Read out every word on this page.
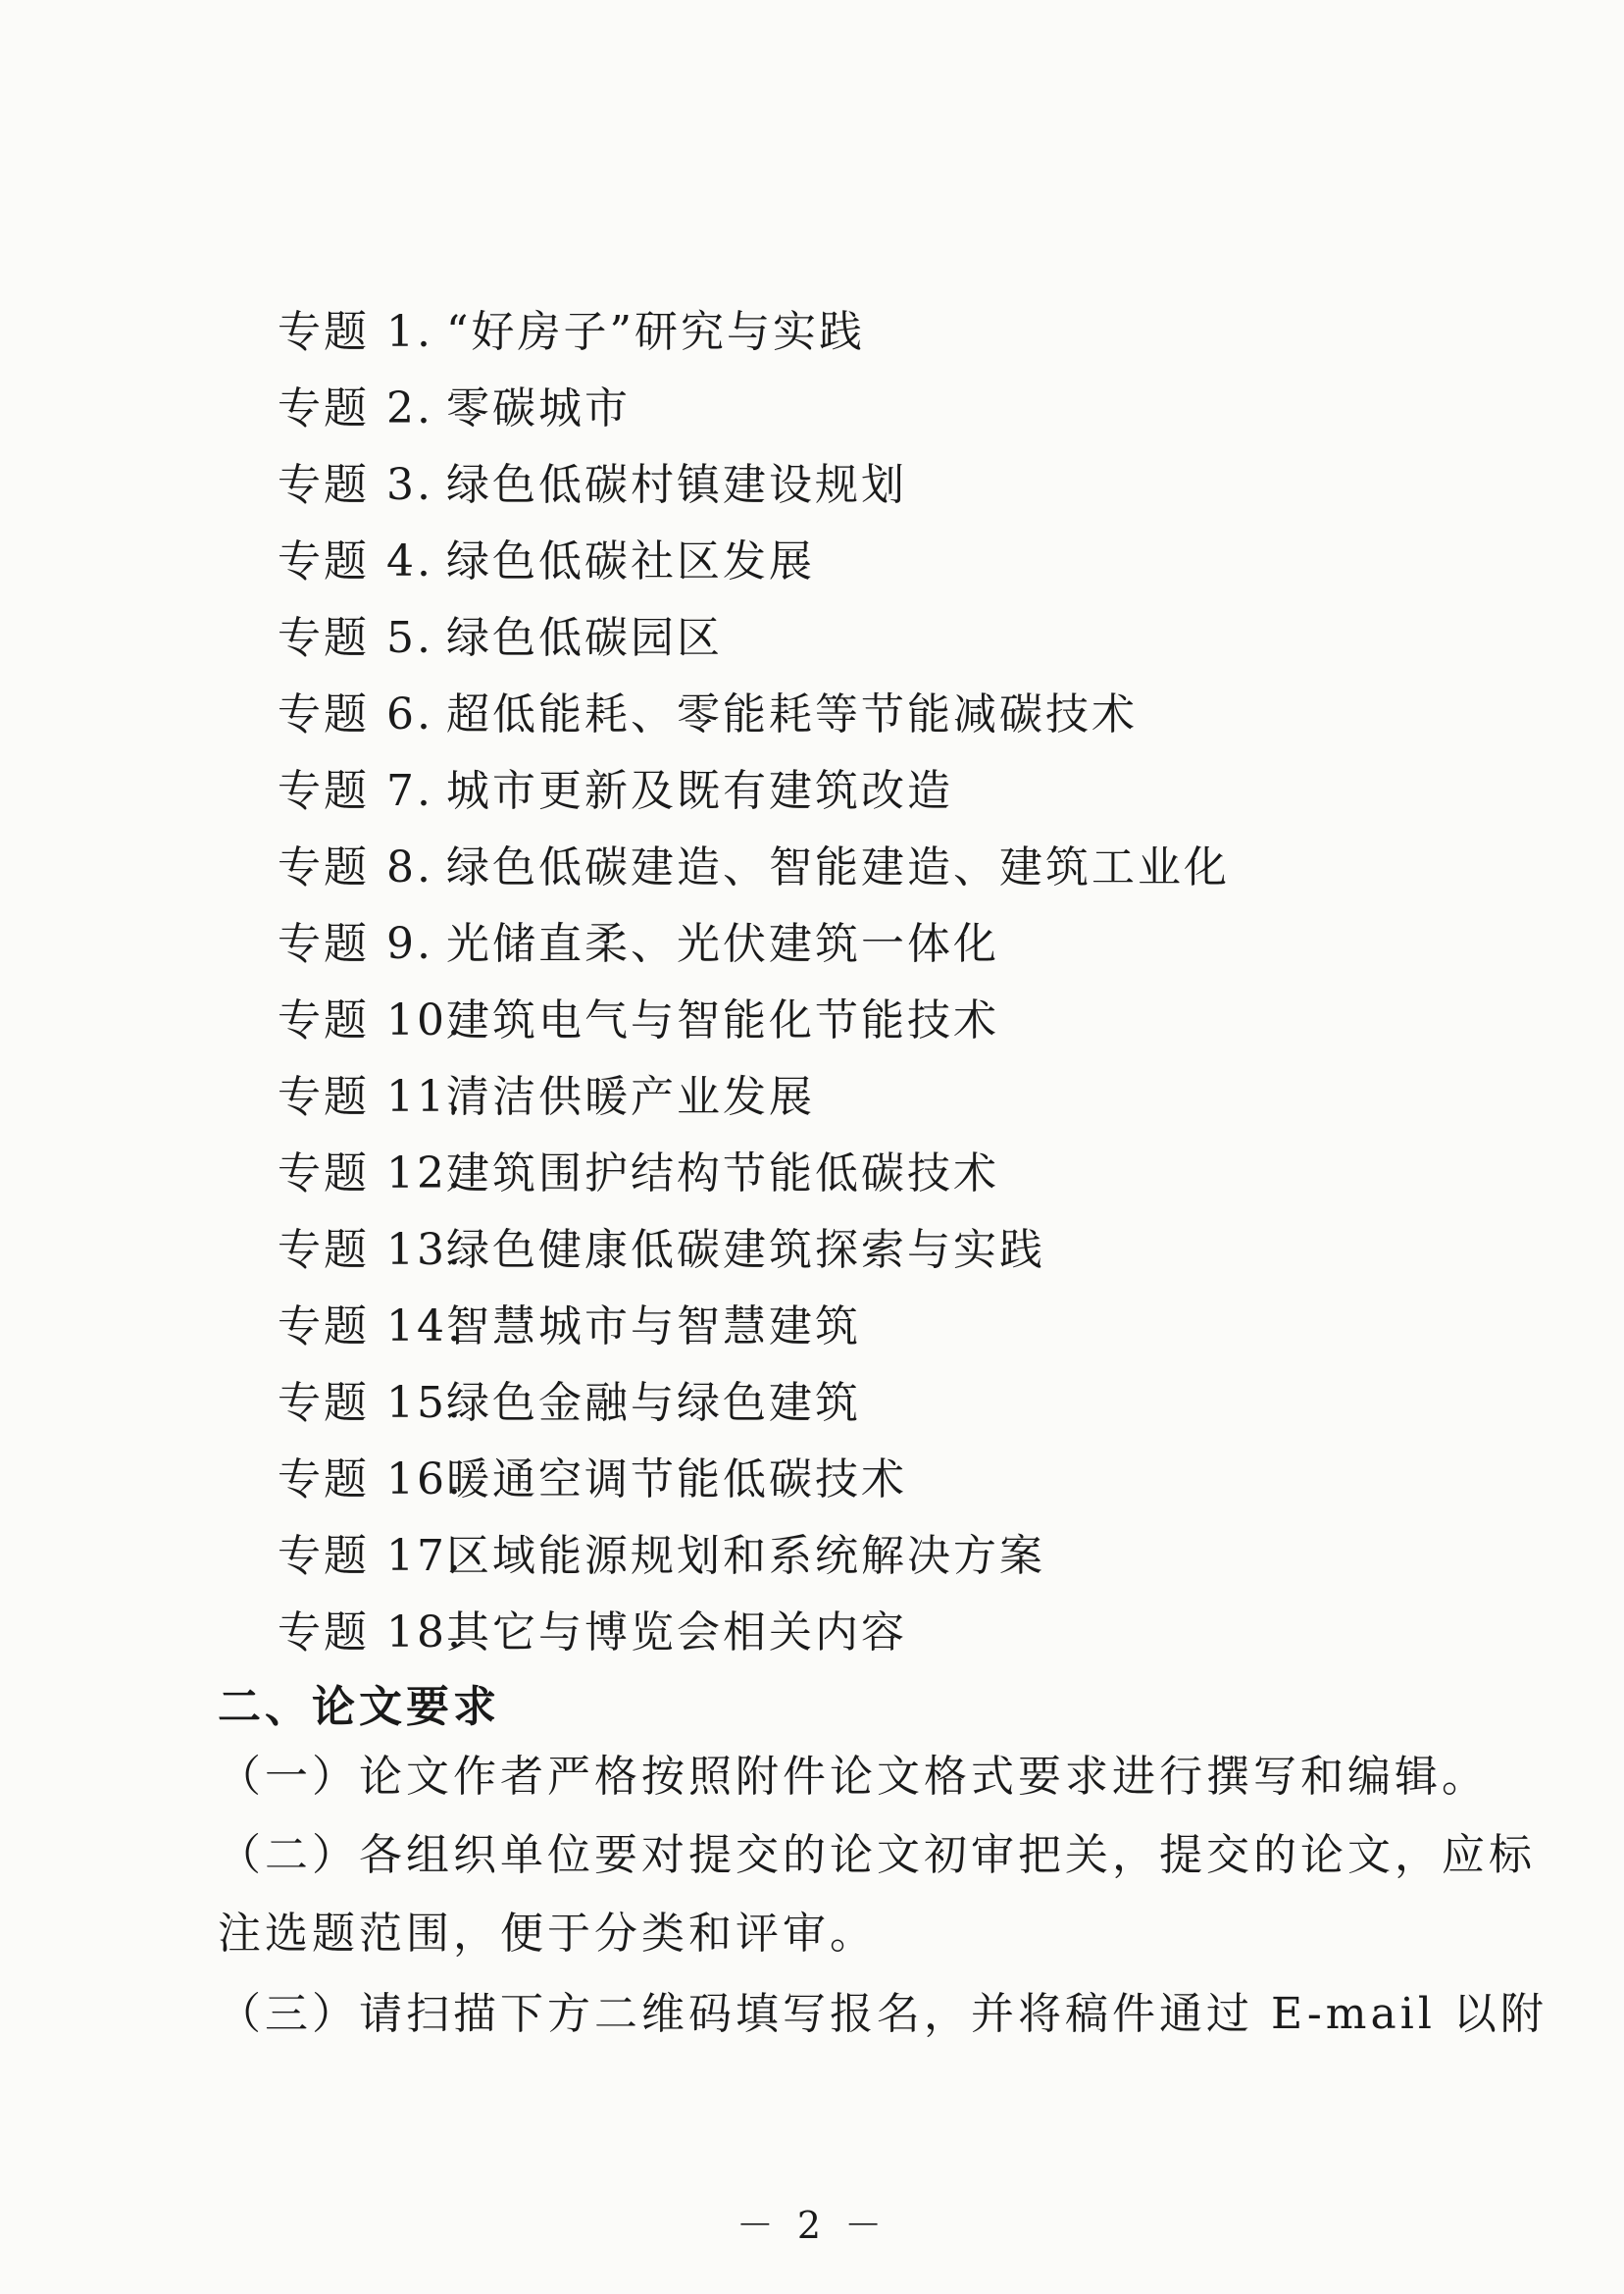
专题 1. “好房子”研究与实践
专题 2. 零碳城市
专题 3. 绿色低碳村镇建设规划
专题 4. 绿色低碳社区发展
专题 5. 绿色低碳园区
专题 6. 超低能耗、零能耗等节能减碳技术
专题 7. 城市更新及既有建筑改造
专题 8. 绿色低碳建造、智能建造、建筑工业化
专题 9. 光储直柔、光伏建筑一体化
专题 10.建筑电气与智能化节能技术
专题 11.清洁供暖产业发展
专题 12.建筑围护结构节能低碳技术
专题 13.绿色健康低碳建筑探索与实践
专题 14.智慧城市与智慧建筑
专题 15.绿色金融与绿色建筑
专题 16.暖通空调节能低碳技术
专题 17.区域能源规划和系统解决方案
专题 18.其它与博览会相关内容
二、论文要求
（一）论文作者严格按照附件论文格式要求进行撰写和编辑。
（二）各组织单位要对提交的论文初审把关，提交的论文，应标
注选题范围，便于分类和评审。
（三）请扫描下方二维码填写报名，并将稿件通过 E-mail 以附
－ 2 －
